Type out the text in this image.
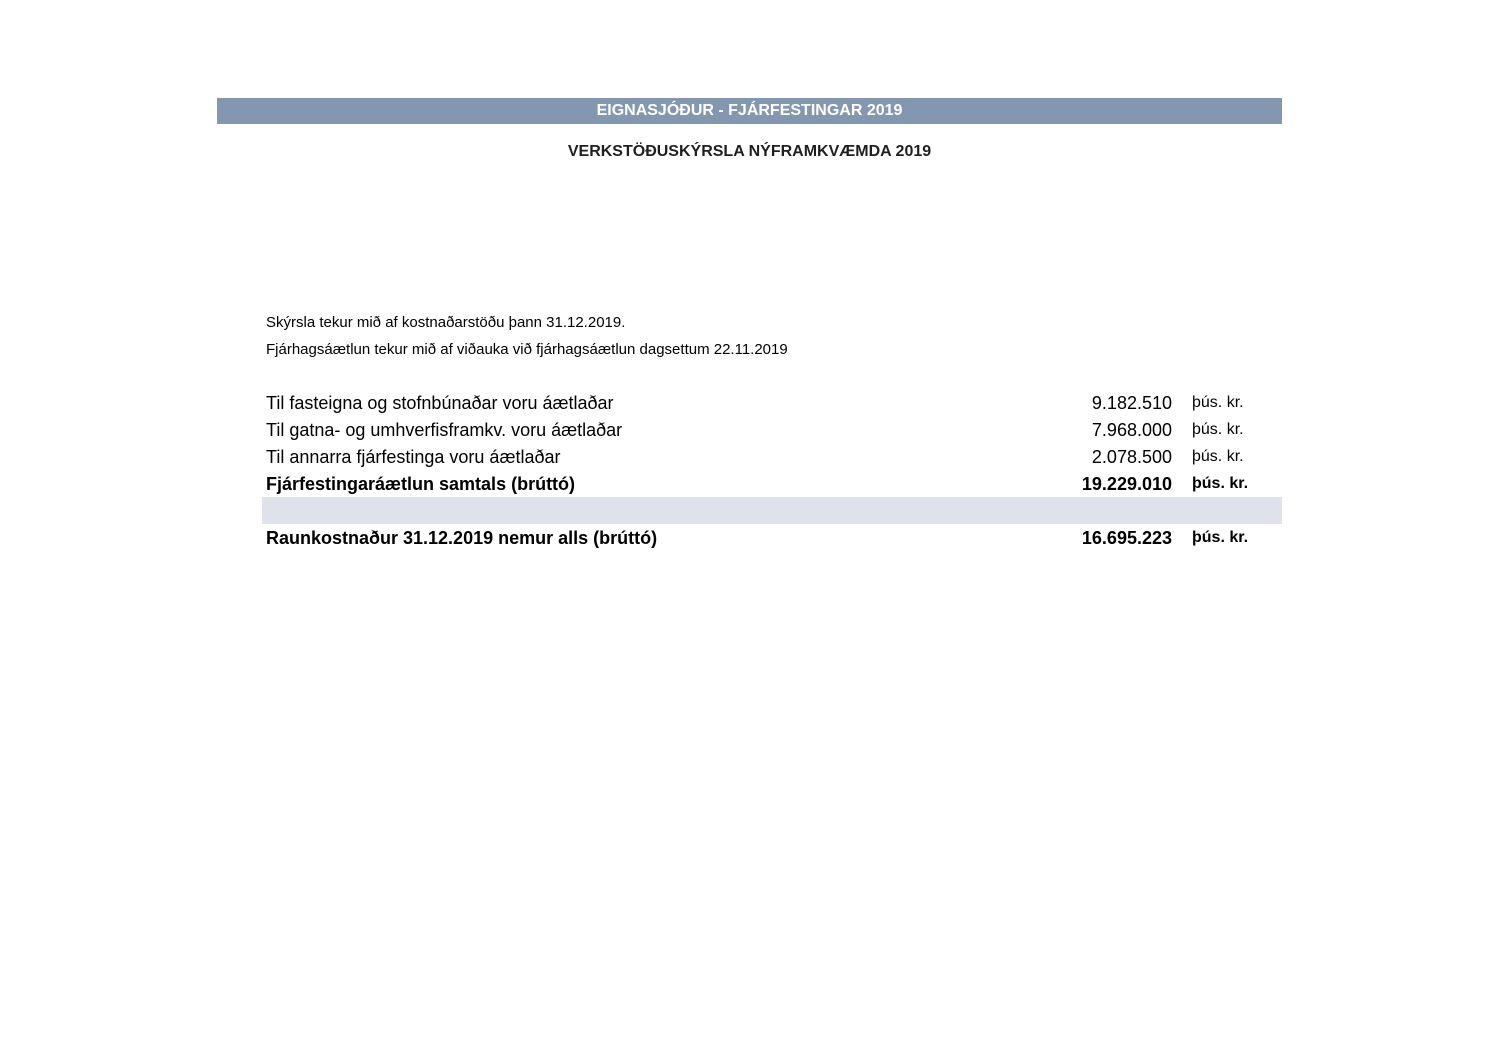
EIGNASJÓÐUR - FJÁRFESTINGAR 2019
VERKSTÖÐUSKÝRSLA NÝFRAMKVÆMDA 2019
Skýrsla tekur mið af kostnaðarstöðu þann 31.12.2019.
Fjárhagsáætlun tekur mið af viðauka við fjárhagsáætlun dagsettum 22.11.2019
Til fasteigna og stofnbúnaðar voru áætlaðar	9.182.510 þús. kr.
Til gatna- og umhverfisframkv. voru áætlaðar	7.968.000 þús. kr.
Til annarra fjárfestinga voru áætlaðar	2.078.500 þús. kr.
Fjárfestingaráætlun samtals (brúttó)	19.229.010 þús. kr.
Raunkostnaður 31.12.2019 nemur alls (brúttó)	16.695.223 þús. kr.
